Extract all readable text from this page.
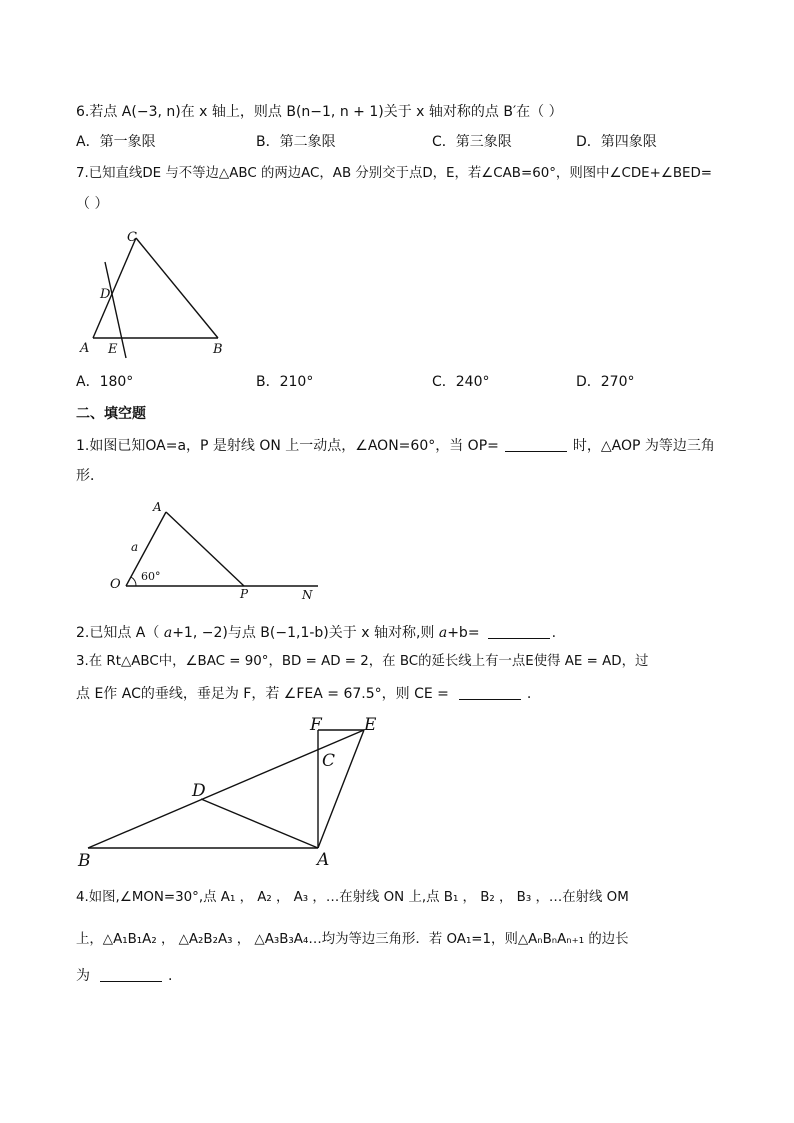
6.若点 A(−3, n)在 x 轴上，则点 B(n−1, n + 1)关于 x 轴对称的点 B′在（ ）
A．第一象限	B．第二象限	C．第三象限	D．第四象限
7.已知直线DE 与不等边△ABC 的两边AC，AB 分别交于点D，E，若∠CAB=60°，则图中∠CDE+∠BED=
（ ）
C
D
A E	B
A．180°	B．210°	C．240°	D．270°
二、填空题
1.如图已知OA=a，P 是射线 ON 上一动点，∠AON=60°，当 OP=	时，△AOP 为等边三角
形．
A
a
O
60°
P	N
2.已知点 A（ a+1, −2)与点 B(−1,1-b)关于 x 轴对称,则 a+b=	.
3.在 Rt△ABC中，∠BAC = 90°，BD = AD = 2，在 BC的延长线上有一点E使得 AE = AD，过
点 E作 AC的垂线，垂足为 F，若 ∠FEA = 67.5°，则 CE =	.
F E
C
D
B	A
4.如图,∠MON=30°,点 A₁ ， A₂ ， A₃ ，…在射线 ON 上,点 B₁ ， B₂ ， B₃ ，…在射线 OM
上，△A₁B₁A₂ ， △A₂B₂A₃ ， △A₃B₃A₄…均为等边三角形．若 OA₁=1，则△AₙBₙAₙ₊₁ 的边长
为	.
